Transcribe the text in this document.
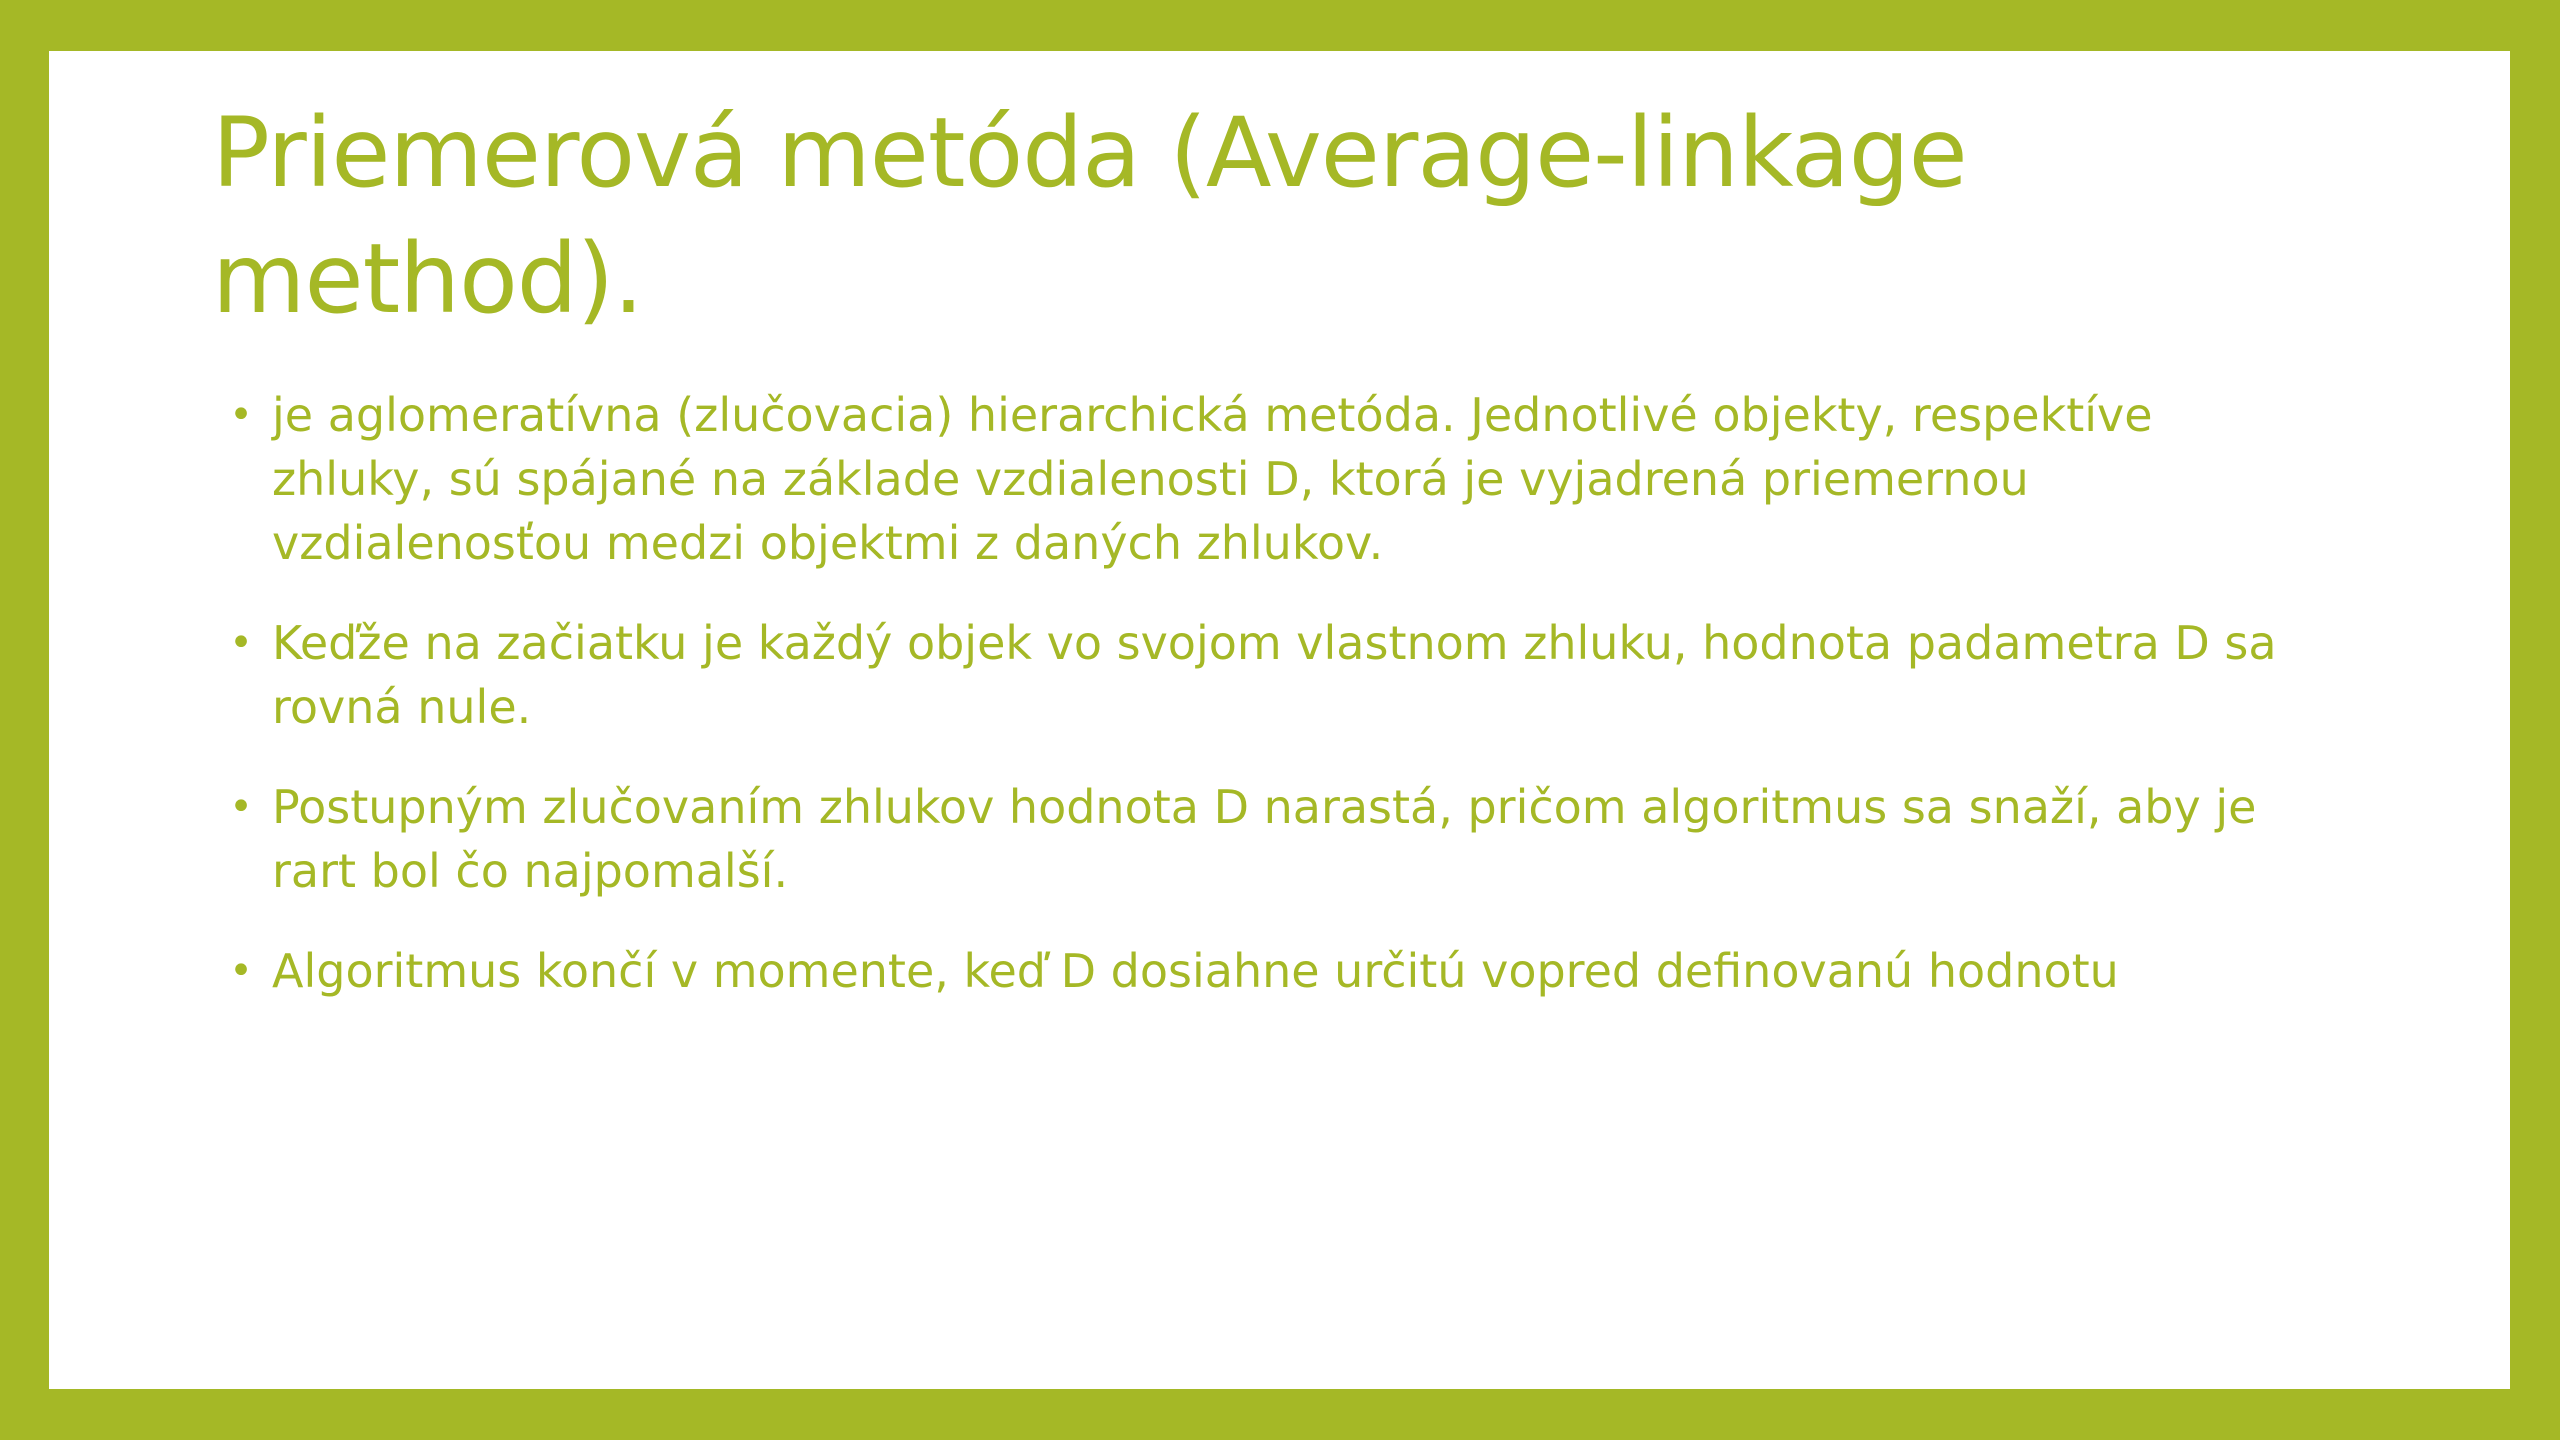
Priemerová metóda (Average-linkage method).
• je aglomeratívna (zlučovacia) hierarchická metóda. Jednotlivé objekty, respektíve zhluky, sú spájané na základe vzdialenosti D, ktorá je vyjadrená priemernou vzdialenosťou medzi objektmi z daných zhlukov.
• Keďže na začiatku je každý objek vo svojom vlastnom zhluku, hodnota padametra D sa rovná nule.
• Postupným zlučovaním zhlukov hodnota D narastá, pričom algoritmus sa snaží, aby je rart bol čo najpomalší.
• Algoritmus končí v momente, keď D dosiahne určitú vopred definovanú hodnotu
